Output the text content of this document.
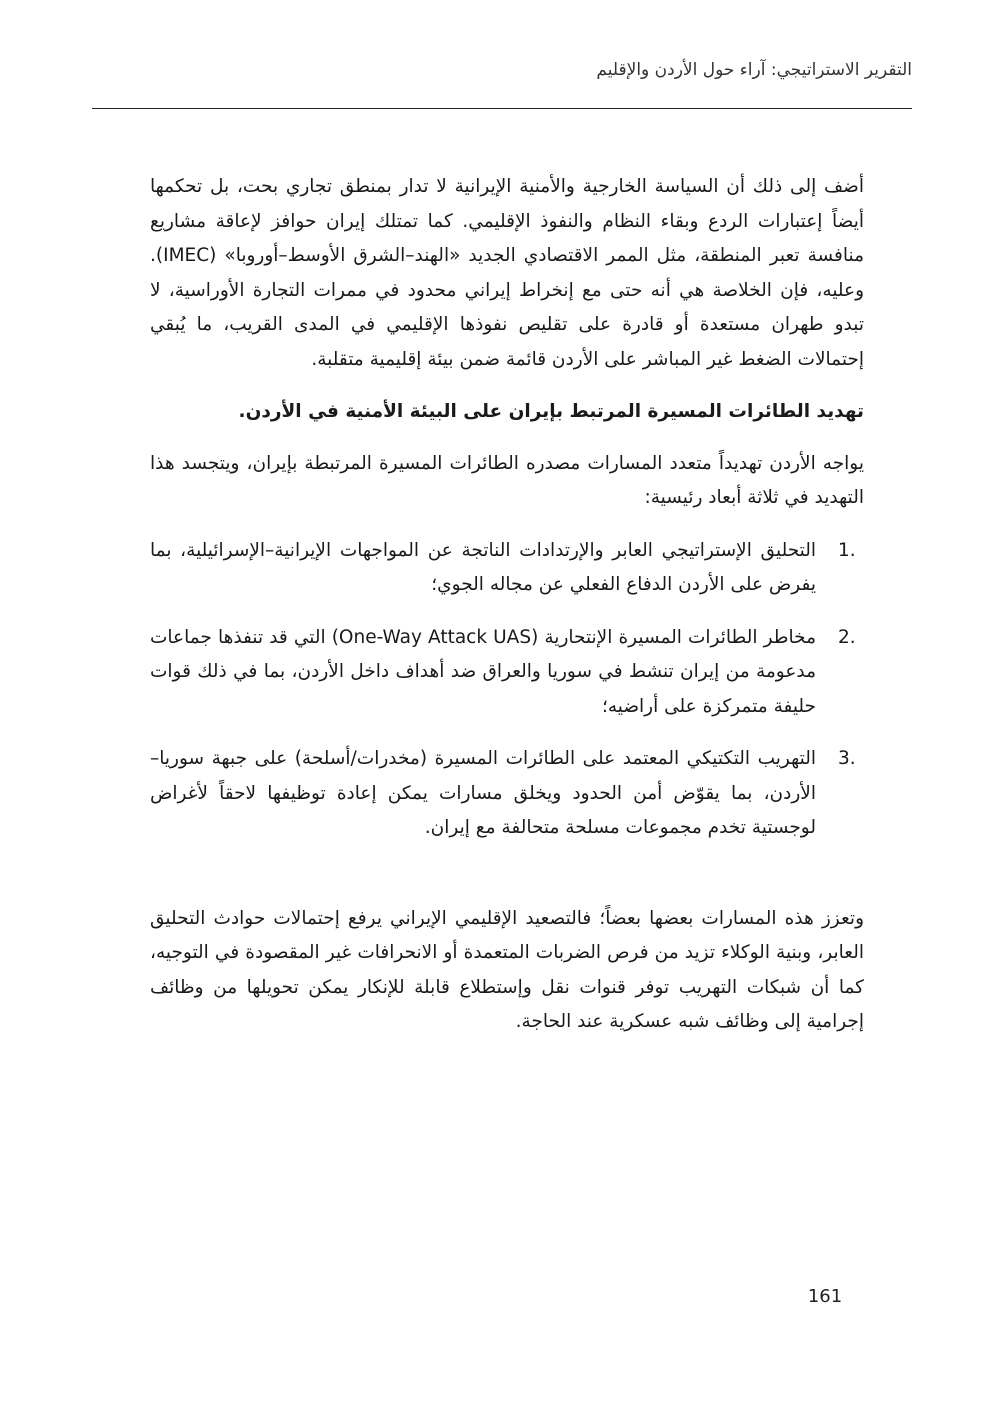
التقرير الاستراتيجي: آراء حول الأردن والإقليم

أضف إلى ذلك أن السياسة الخارجية والأمنية الإيرانية لا تدار بمنطق تجاري بحت، بل تحكمها أيضاً إعتبارات الردع وبقاء النظام والنفوذ الإقليمي. كما تمتلك إيران حوافز لإعاقة مشاريع منافسة تعبر المنطقة، مثل الممر الاقتصادي الجديد «الهند–الشرق الأوسط–أوروبا» (IMEC). وعليه، فإن الخلاصة هي أنه حتى مع إنخراط إيراني محدود في ممرات التجارة الأوراسية، لا تبدو طهران مستعدة أو قادرة على تقليص نفوذها الإقليمي في المدى القريب، ما يُبقي إحتمالات الضغط غير المباشر على الأردن قائمة ضمن بيئة إقليمية متقلبة.

تهديد الطائرات المسيرة المرتبط بإيران على البيئة الأمنية في الأردن.

يواجه الأردن تهديداً متعدد المسارات مصدره الطائرات المسيرة المرتبطة بإيران، ويتجسد هذا التهديد في ثلاثة أبعاد رئيسية:

1.
التحليق الإستراتيجي العابر والإرتدادات الناتجة عن المواجهات الإيرانية–الإسرائيلية، بما يفرض على الأردن الدفاع الفعلي عن مجاله الجوي؛
2.
مخاطر الطائرات المسيرة الإنتحارية (One-Way Attack UAS) التي قد تنفذها جماعات مدعومة من إيران تنشط في سوريا والعراق ضد أهداف داخل الأردن، بما في ذلك قوات حليفة متمركزة على أراضيه؛
3.
التهريب التكتيكي المعتمد على الطائرات المسيرة (مخدرات/أسلحة) على جبهة سوريا–الأردن، بما يقوّض أمن الحدود ويخلق مسارات يمكن إعادة توظيفها لاحقاً لأغراض لوجستية تخدم مجموعات مسلحة متحالفة مع إيران.

وتعزز هذه المسارات بعضها بعضاً؛ فالتصعيد الإقليمي الإيراني يرفع إحتمالات حوادث التحليق العابر، وبنية الوكلاء تزيد من فرص الضربات المتعمدة أو الانحرافات غير المقصودة في التوجيه، كما أن شبكات التهريب توفر قنوات نقل وإستطلاع قابلة للإنكار يمكن تحويلها من وظائف إجرامية إلى وظائف شبه عسكرية عند الحاجة.

161
